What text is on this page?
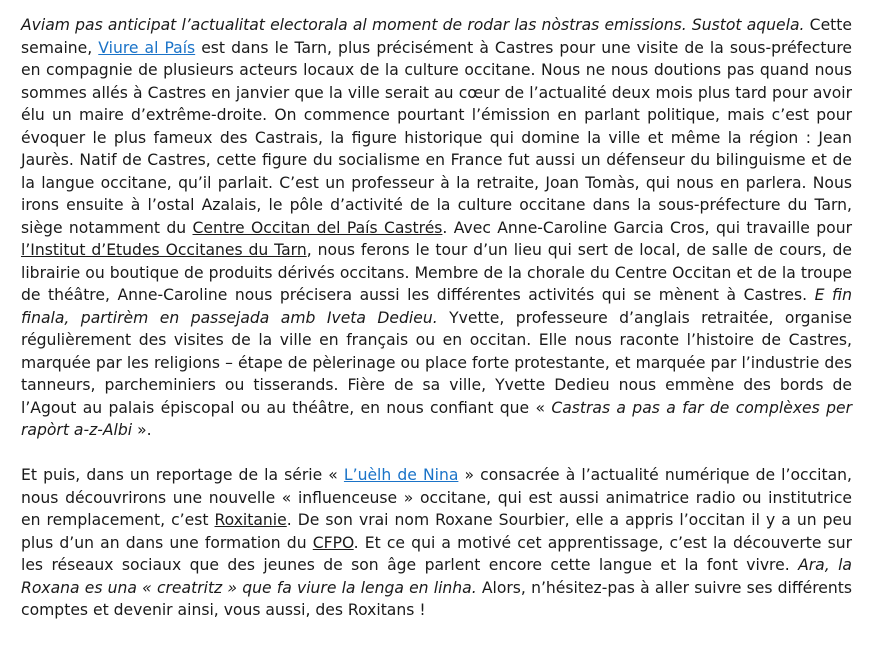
Aviam pas anticipat l’actualitat electorala al moment de rodar las nòstras emissions. Sustot aquela. Cette semaine, Viure al País est dans le Tarn, plus précisément à Castres pour une visite de la sous-préfecture en compagnie de plusieurs acteurs locaux de la culture occitane. Nous ne nous doutions pas quand nous sommes allés à Castres en janvier que la ville serait au cœur de l’actualité deux mois plus tard pour avoir élu un maire d’extrême-droite. On commence pourtant l’émission en parlant politique, mais c’est pour évoquer le plus fameux des Castrais, la figure historique qui domine la ville et même la région : Jean Jaurès. Natif de Castres, cette figure du socialisme en France fut aussi un défenseur du bilinguisme et de la langue occitane, qu’il parlait. C’est un professeur à la retraite, Joan Tomàs, qui nous en parlera. Nous irons ensuite à l’ostal Azalais, le pôle d’activité de la culture occitane dans la sous-préfecture du Tarn, siège notamment du Centre Occitan del País Castrés. Avec Anne-Caroline Garcia Cros, qui travaille pour l’Institut d’Etudes Occitanes du Tarn, nous ferons le tour d’un lieu qui sert de local, de salle de cours, de librairie ou boutique de produits dérivés occitans. Membre de la chorale du Centre Occitan et de la troupe de théâtre, Anne-Caroline nous précisera aussi les différentes activités qui se mènent à Castres. E fin finala, partirèm en passejada amb Iveta Dedieu. Yvette, professeure d’anglais retraitée, organise régulièrement des visites de la ville en français ou en occitan. Elle nous raconte l’histoire de Castres, marquée par les religions – étape de pèlerinage ou place forte protestante, et marquée par l’industrie des tanneurs, parcheminiers ou tisserands. Fière de sa ville, Yvette Dedieu nous emmène des bords de l’Agout au palais épiscopal ou au théâtre, en nous confiant que « Castras a pas a far de complèxes per rapòrt a-z-Albi ».

Et puis, dans un reportage de la série « L’uèlh de Nina » consacrée à l’actualité numérique de l’occitan, nous découvrirons une nouvelle « influenceuse » occitane, qui est aussi animatrice radio ou institutrice en remplacement, c’est Roxitanie. De son vrai nom Roxane Sourbier, elle a appris l’occitan il y a un peu plus d’un an dans une formation du CFPO. Et ce qui a motivé cet apprentissage, c’est la découverte sur les réseaux sociaux que des jeunes de son âge parlent encore cette langue et la font vivre. Ara, la Roxana es una « creatritz » que fa viure la lenga en linha. Alors, n’hésitez-pas à aller suivre ses différents comptes et devenir ainsi, vous aussi, des Roxitans !
